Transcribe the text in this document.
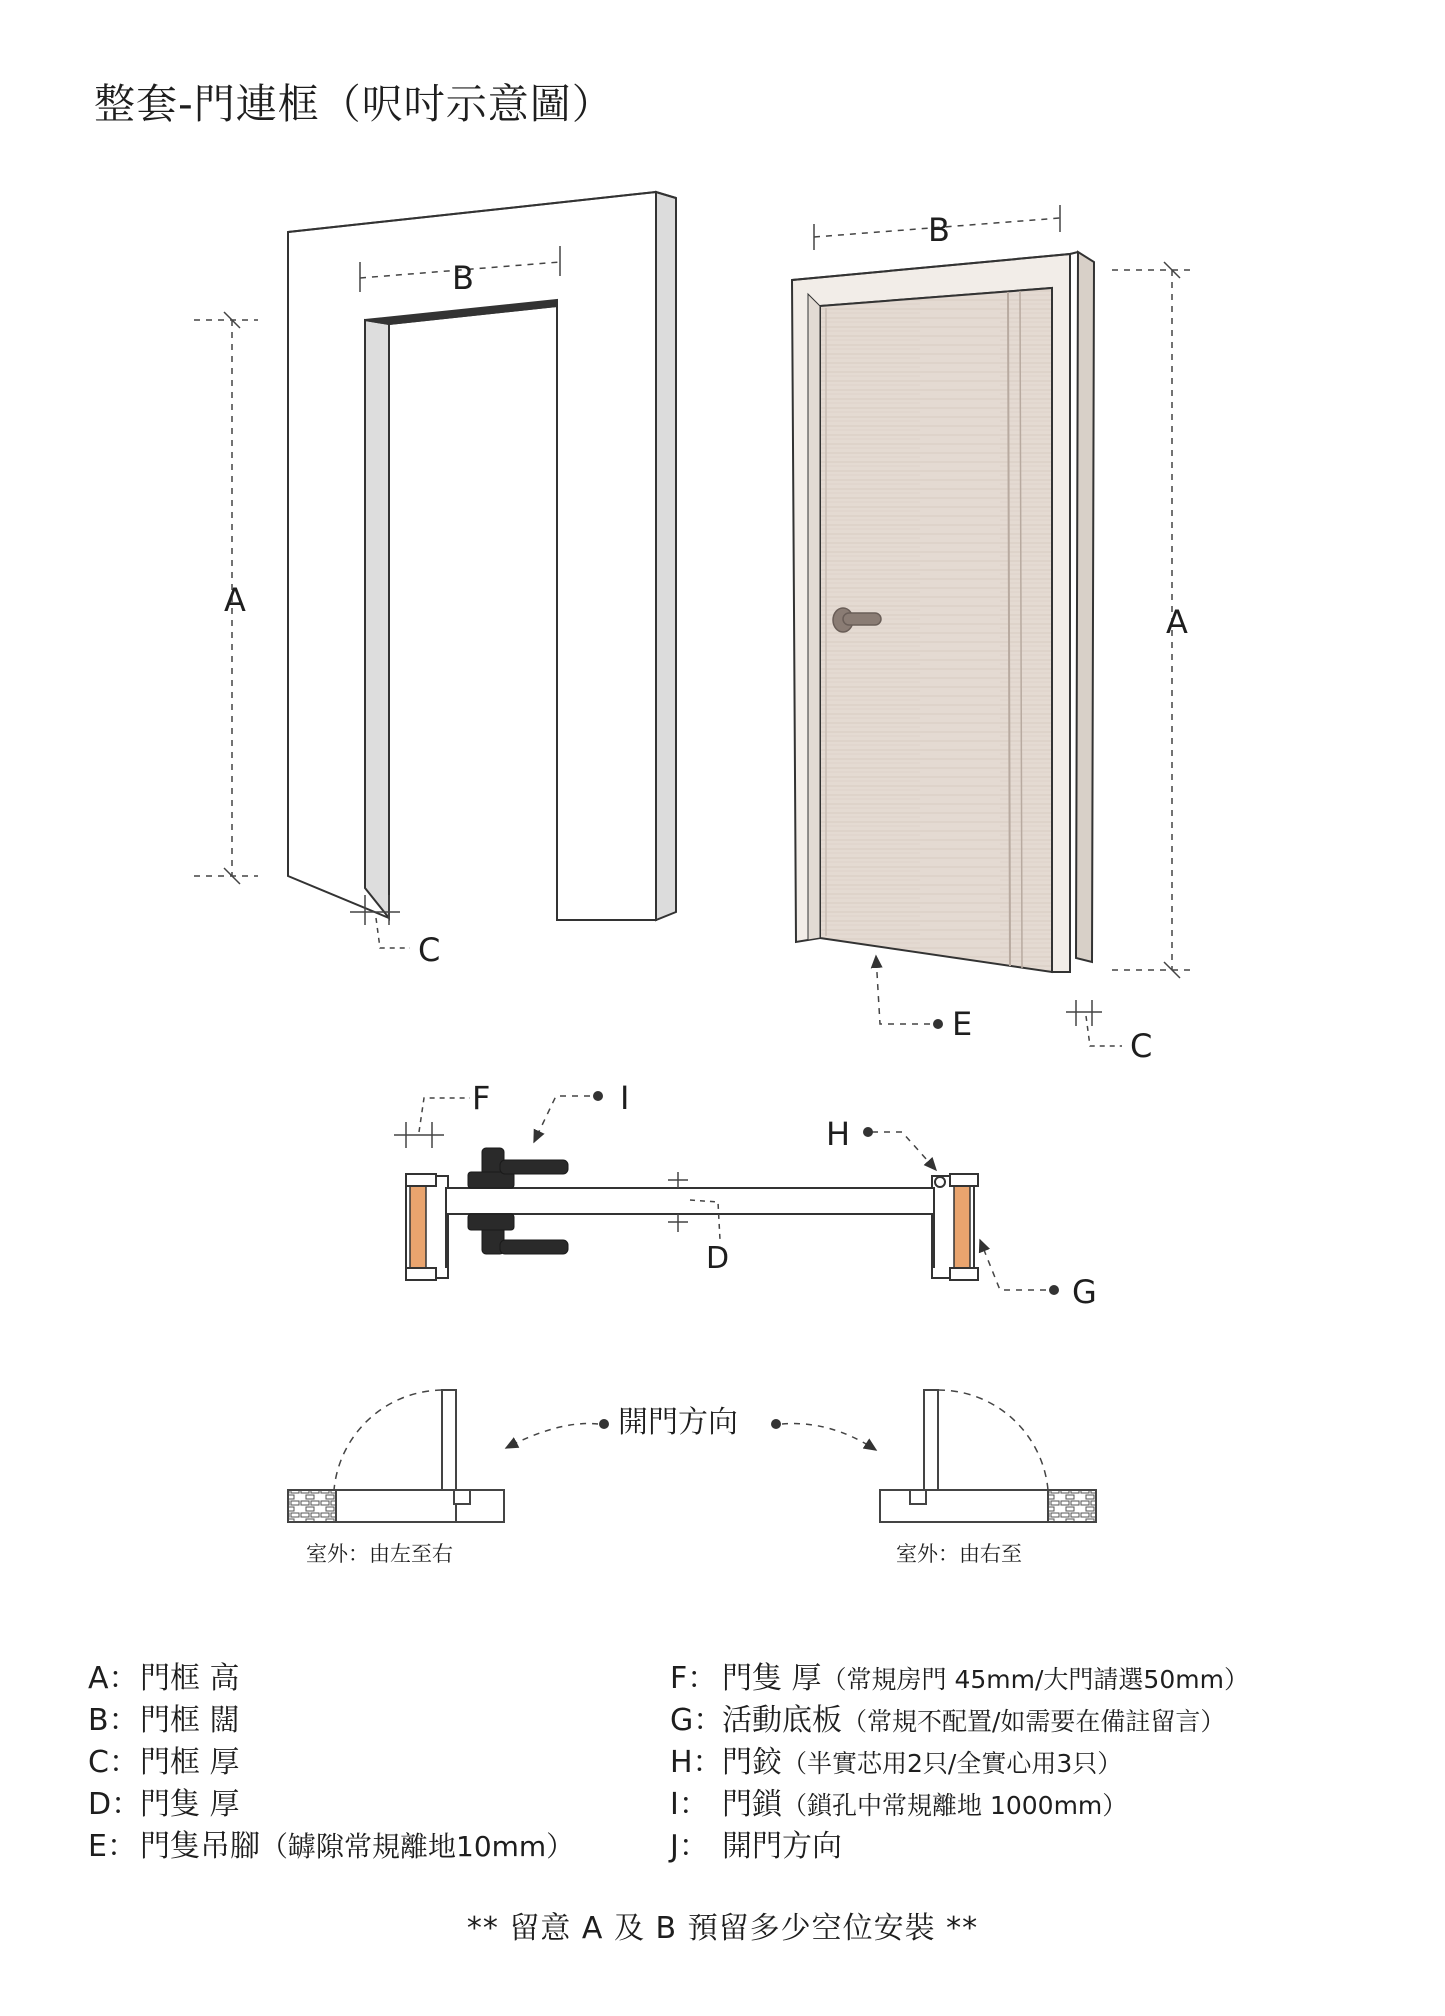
整套-門連框（呎吋示意圖）
B
A
C
B
A
C
E
F	I
H
D
G
開門方向
室外：由左至右	室外：由右至
A： 門框 高
B： 門框 闊
C： 門框 厚
D：
門隻 厚
E： 門隻吊腳 （罅隙常規離地10mm）
F： 門隻 厚 （常規房門 45mm/大門請選50mm）
G：
活動底板 （常規不配置/如需要在備註留言）
H： 門鉸 （半實芯用2只/全實心用3只）
I： 門鎖 （鎖孔中常規離地 1000mm）
J： 開門方向
** 留意 A 及 B 預留多少空位安裝 **
